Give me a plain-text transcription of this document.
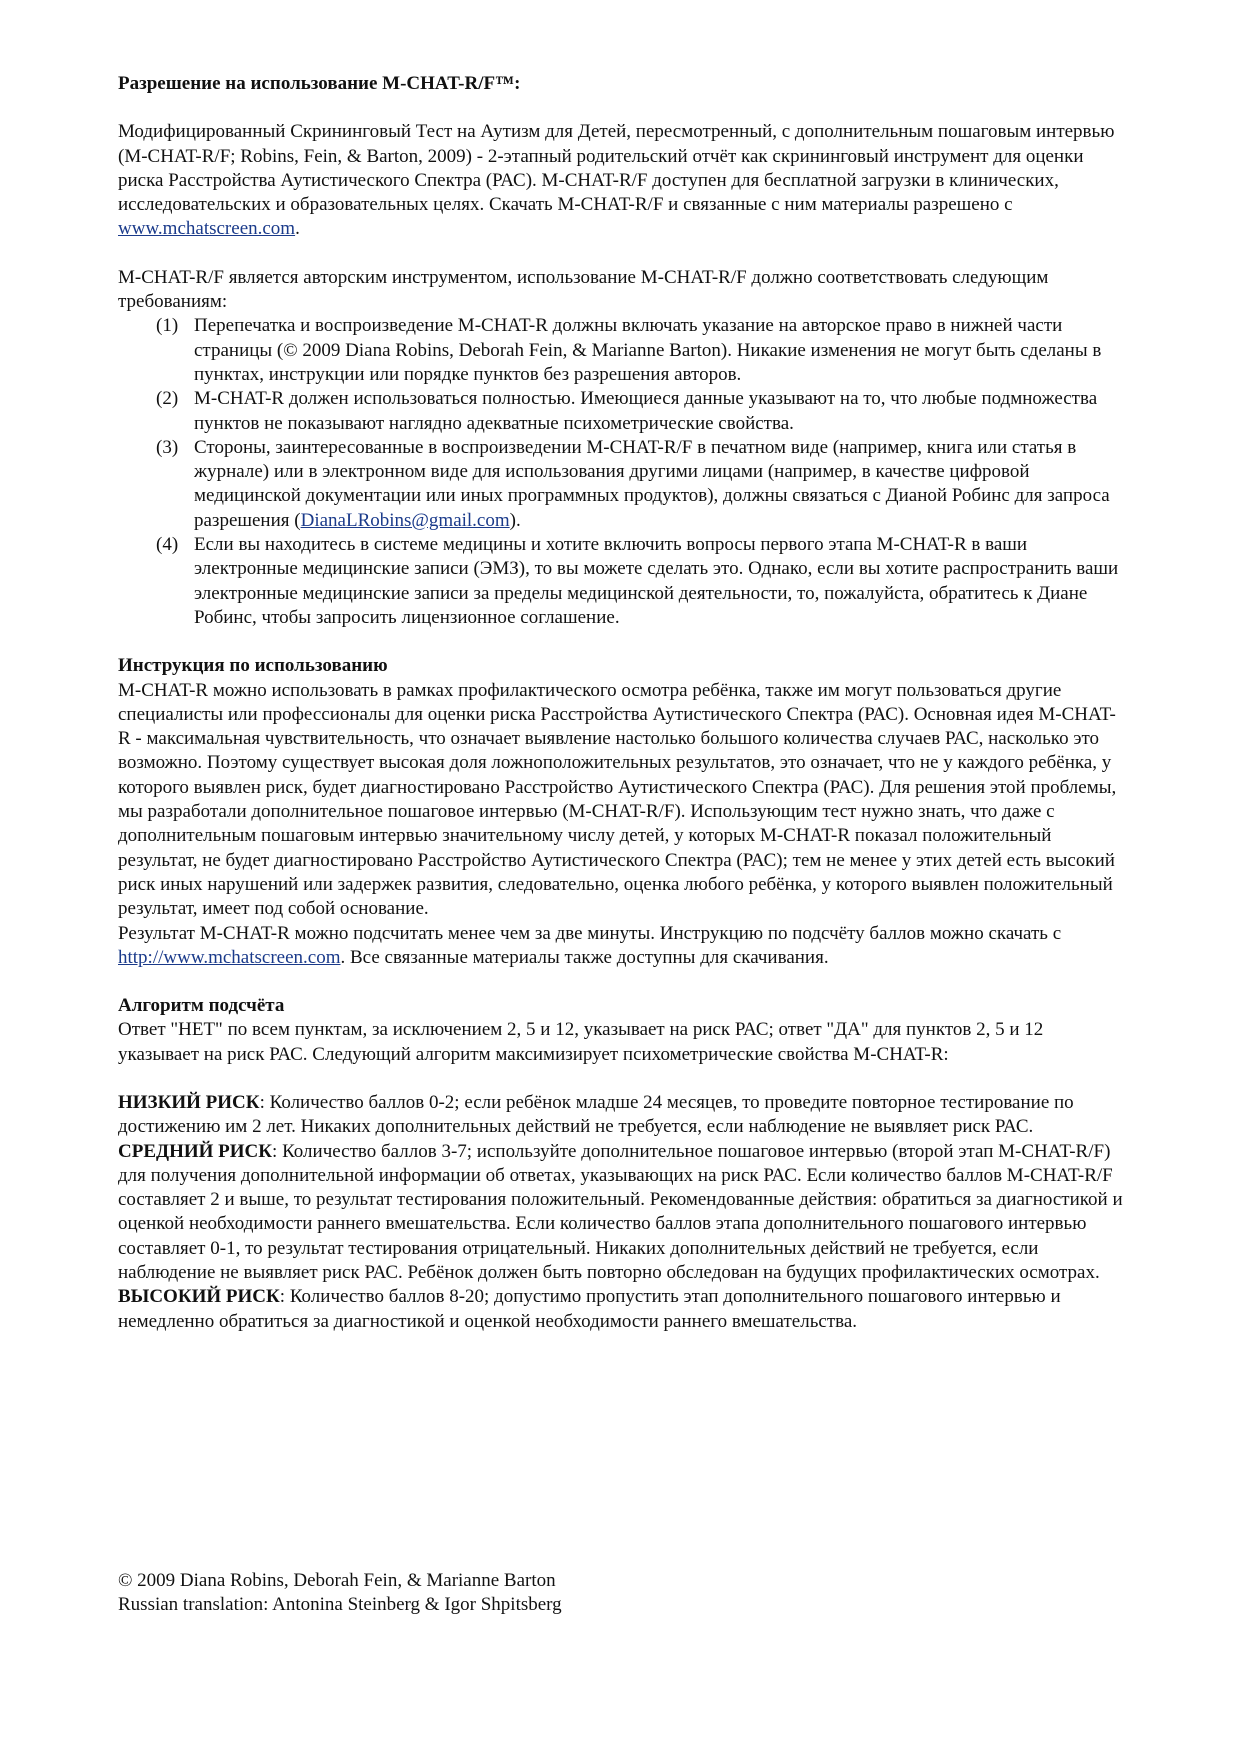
Разрешение на использование M-CHAT-R/F™:

Модифицированный Скрининговый Тест на Аутизм для Детей, пересмотренный, с дополнительным пошаговым интервью (M-CHAT-R/F; Robins, Fein, & Barton, 2009) - 2-этапный родительский отчёт как скрининговый инструмент для оценки риска Расстройства Аутистического Спектра (РАС). M-CHAT-R/F доступен для бесплатной загрузки в клинических, исследовательских и образовательных целях. Скачать M-CHAT-R/F и связанные с ним материалы разрешено с www.mchatscreen.com.

M-CHAT-R/F является авторским инструментом, использование M-CHAT-R/F должно соответствовать следующим требованиям:

(1) Перепечатка и воспроизведение M-CHAT-R должны включать указание на авторское право в нижней части страницы (© 2009 Diana Robins, Deborah Fein, & Marianne Barton). Никакие изменения не могут быть сделаны в пунктах, инструкции или порядке пунктов без разрешения авторов.
(2) M-CHAT-R должен использоваться полностью. Имеющиеся данные указывают на то, что любые подмножества пунктов не показывают наглядно адекватные психометрические свойства.
(3) Стороны, заинтересованные в воспроизведении M-CHAT-R/F в печатном виде (например, книга или статья в журнале) или в электронном виде для использования другими лицами (например, в качестве цифровой медицинской документации или иных программных продуктов), должны связаться с Дианой Робинс для запроса разрешения (DianaLRobins@gmail.com).
(4) Если вы находитесь в системе медицины и хотите включить вопросы первого этапа M-CHAT-R в ваши электронные медицинские записи (ЭМЗ), то вы можете сделать это. Однако, если вы хотите распространить ваши электронные медицинские записи за пределы медицинской деятельности, то, пожалуйста, обратитесь к Диане Робинс, чтобы запросить лицензионное соглашение.

Инструкция по использованию

M-CHAT-R можно использовать в рамках профилактического осмотра ребёнка, также им могут пользоваться другие специалисты или профессионалы для оценки риска Расстройства Аутистического Спектра (РАС). Основная идея M-CHAT-R - максимальная чувствительность, что означает выявление настолько большого количества случаев РАС, насколько это возможно. Поэтому существует высокая доля ложноположительных результатов, это означает, что не у каждого ребёнка, у которого выявлен риск, будет диагностировано Расстройство Аутистического Спектра (РАС). Для решения этой проблемы, мы разработали дополнительное пошаговое интервью (M-CHAT-R/F). Использующим тест нужно знать, что даже с дополнительным пошаговым интервью значительному числу детей, у которых M-CHAT-R показал положительный результат, не будет диагностировано Расстройство Аутистического Спектра (РАС); тем не менее у этих детей есть высокий риск иных нарушений или задержек развития, следовательно, оценка любого ребёнка, у которого выявлен положительный результат, имеет под собой основание.

Результат M-CHAT-R можно подсчитать менее чем за две минуты. Инструкцию по подсчёту баллов можно скачать с http://www.mchatscreen.com. Все связанные материалы также доступны для скачивания.

Алгоритм подсчёта

Ответ "НЕТ" по всем пунктам, за исключением 2, 5 и 12, указывает на риск РАС; ответ "ДА" для пунктов 2, 5 и 12 указывает на риск РАС. Следующий алгоритм максимизирует психометрические свойства M-CHAT-R:

НИЗКИЙ РИСК: Количество баллов 0-2; если ребёнок младше 24 месяцев, то проведите повторное тестирование по достижению им 2 лет. Никаких дополнительных действий не требуется, если наблюдение не выявляет риск РАС.

СРЕДНИЙ РИСК: Количество баллов 3-7; используйте дополнительное пошаговое интервью (второй этап M-CHAT-R/F) для получения дополнительной информации об ответах, указывающих на риск РАС. Если количество баллов M-CHAT-R/F составляет 2 и выше, то результат тестирования положительный. Рекомендованные действия: обратиться за диагностикой и оценкой необходимости раннего вмешательства. Если количество баллов этапа дополнительного пошагового интервью составляет 0-1, то результат тестирования отрицательный. Никаких дополнительных действий не требуется, если наблюдение не выявляет риск РАС. Ребёнок должен быть повторно обследован на будущих профилактических осмотрах.

ВЫСОКИЙ РИСК: Количество баллов 8-20; допустимо пропустить этап дополнительного пошагового интервью и немедленно обратиться за диагностикой и оценкой необходимости раннего вмешательства.

© 2009 Diana Robins, Deborah Fein, & Marianne Barton

Russian translation: Antonina Steinberg & Igor Shpitsberg
